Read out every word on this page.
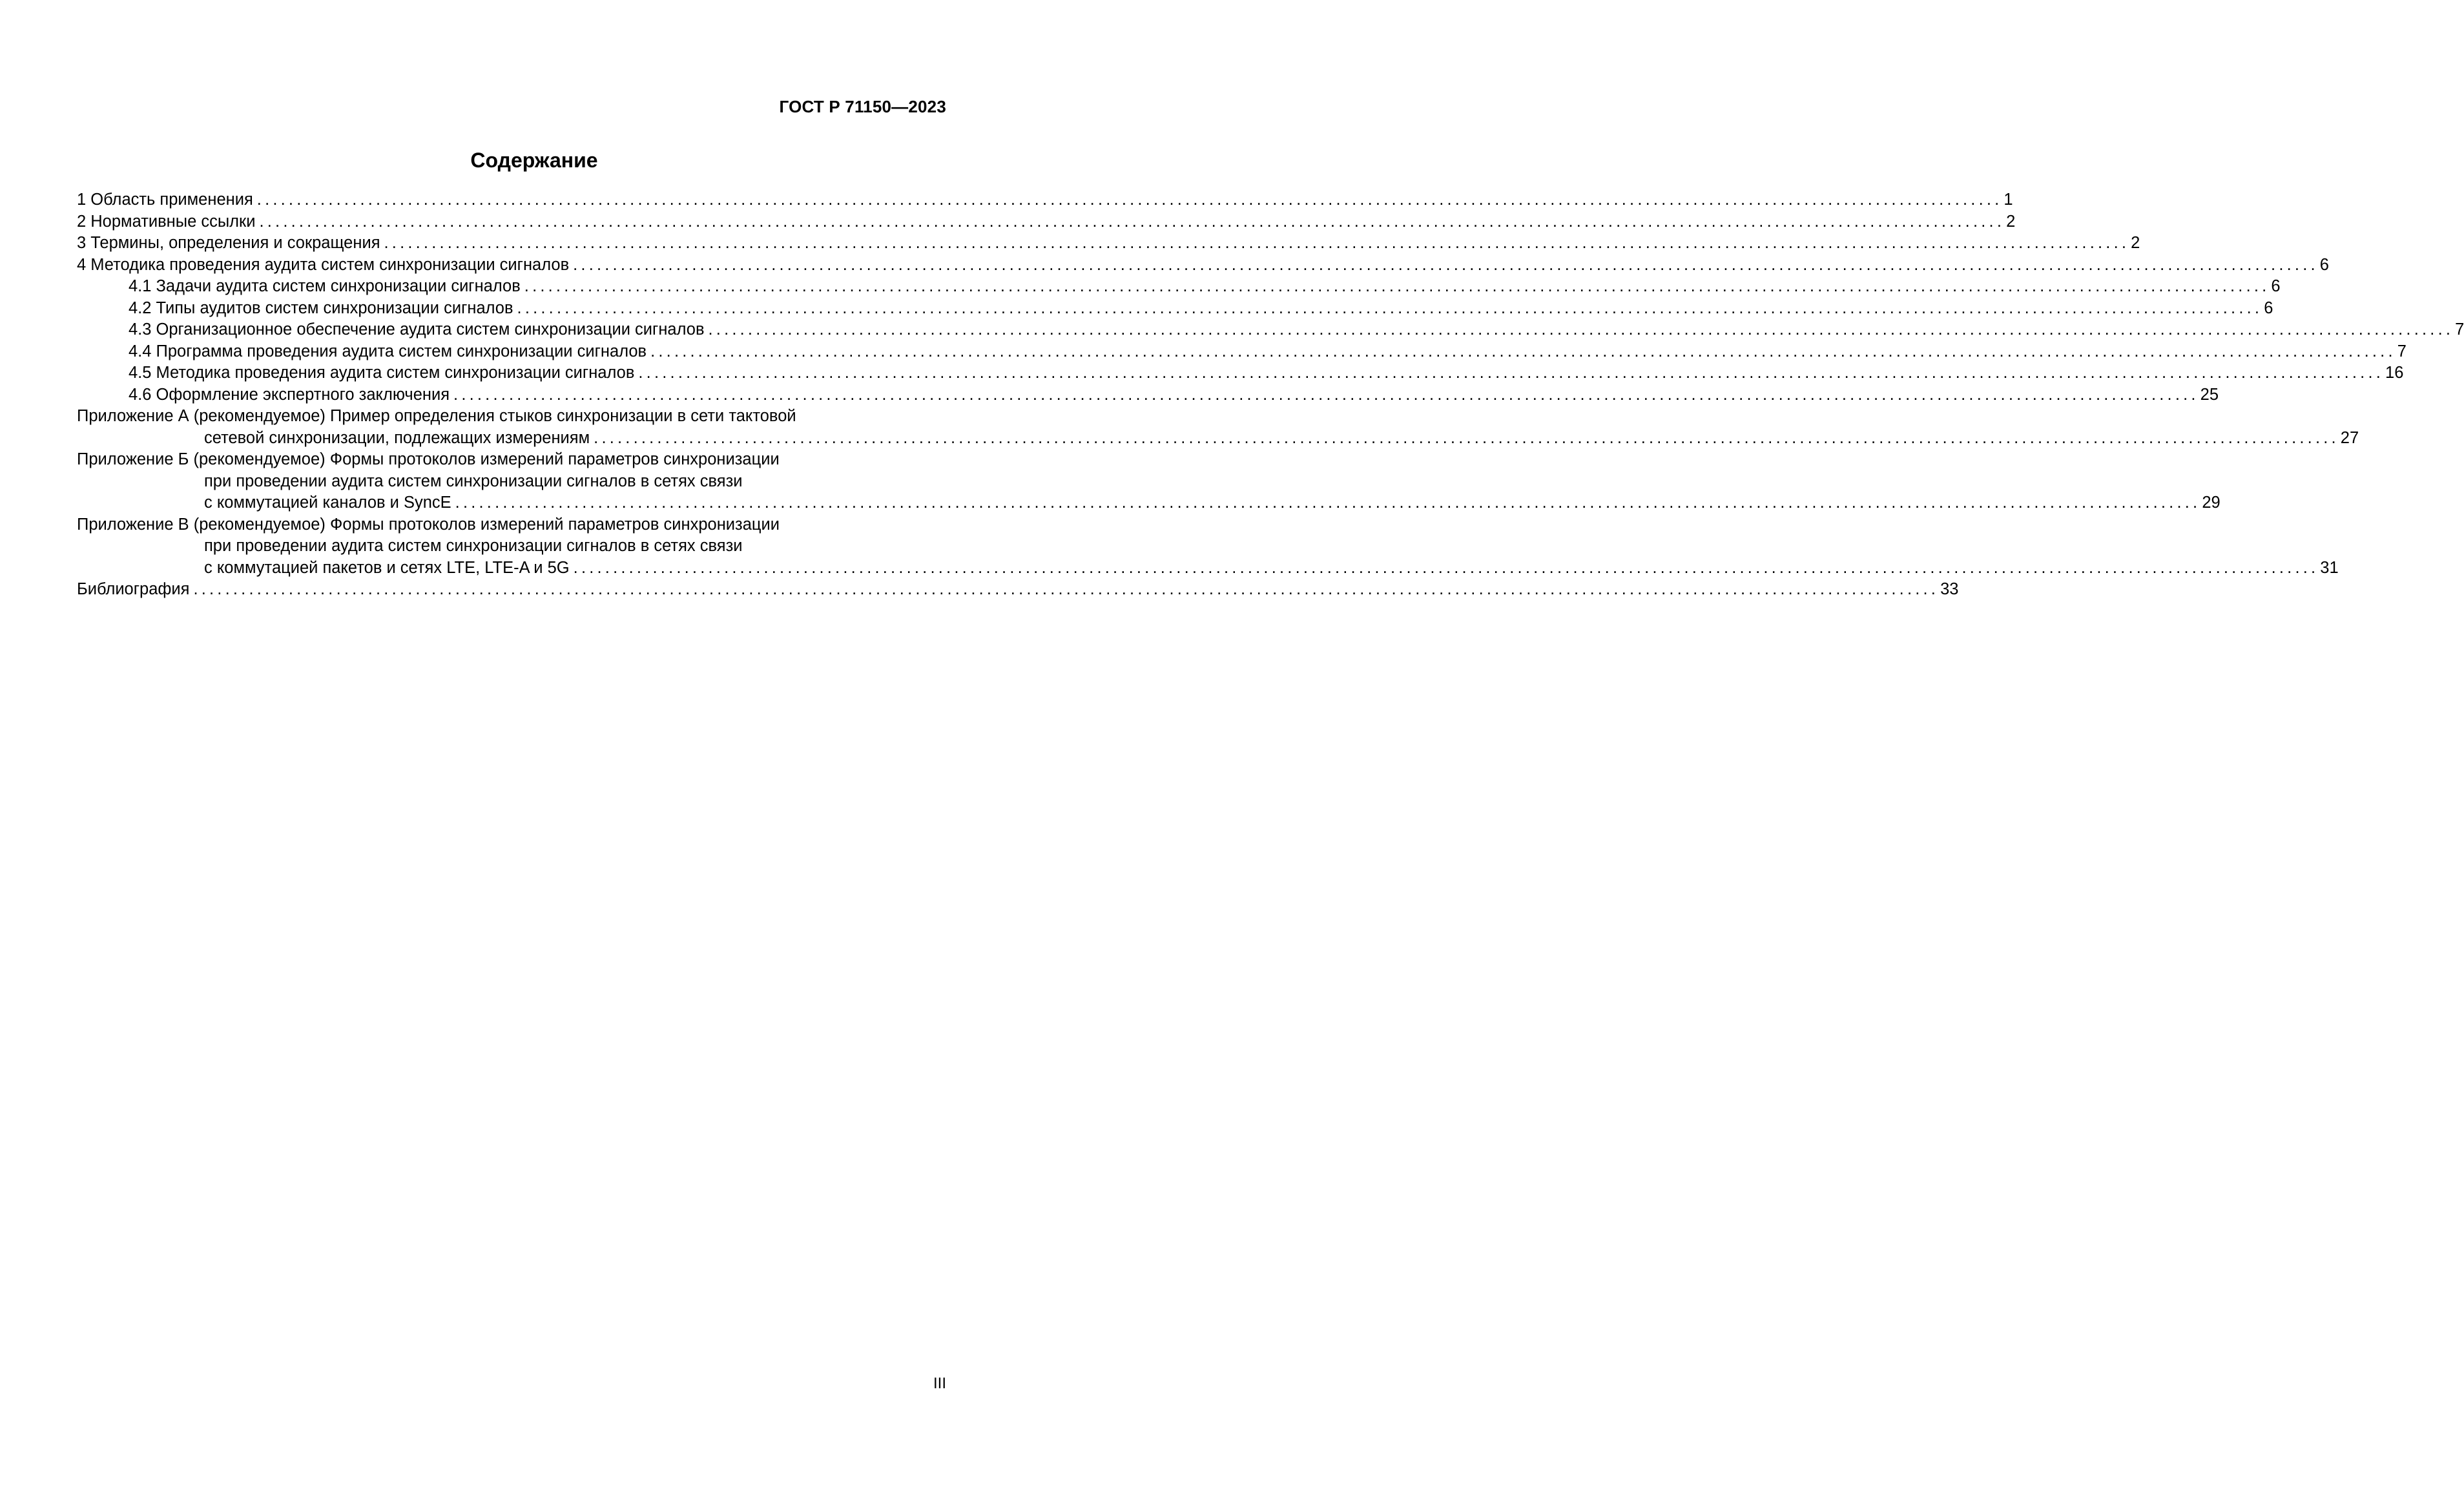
ГОСТ Р 71150—2023
Содержание
1 Область применения ............................................................................................................................................................................................................................ 1
2 Нормативные ссылки ............................................................................................................................................................................................................................ 2
3 Термины, определения и сокращения ............................................................................................................................................................................................................................ 2
4 Методика проведения аудита систем синхронизации сигналов ............................................................................................................................................................................................................................ 6
4.1 Задачи аудита систем синхронизации сигналов ............................................................................................................................................................................................................................ 6
4.2 Типы аудитов систем синхронизации сигналов ............................................................................................................................................................................................................................ 6
4.3 Организационное обеспечение аудита систем синхронизации сигналов ............................................................................................................................................................................................................................ 7
4.4 Программа проведения аудита систем синхронизации сигналов ............................................................................................................................................................................................................................ 7
4.5 Методика проведения аудита систем синхронизации сигналов ............................................................................................................................................................................................................................ 16
4.6 Оформление экспертного заключения ............................................................................................................................................................................................................................ 25
Приложение А (рекомендуемое) Пример определения стыков синхронизации в сети тактовой
сетевой синхронизации, подлежащих измерениям ............................................................................................................................................................................................................................ 27
Приложение Б (рекомендуемое) Формы протоколов измерений параметров синхронизации
при проведении аудита систем синхронизации сигналов в сетях связи
с коммутацией каналов и SyncE ............................................................................................................................................................................................................................ 29
Приложение В (рекомендуемое) Формы протоколов измерений параметров синхронизации
при проведении аудита систем синхронизации сигналов в сетях связи
с коммутацией пакетов и сетях LTE, LTE-A и 5G ............................................................................................................................................................................................................................ 31
Библиография ............................................................................................................................................................................................................................ 33
III
